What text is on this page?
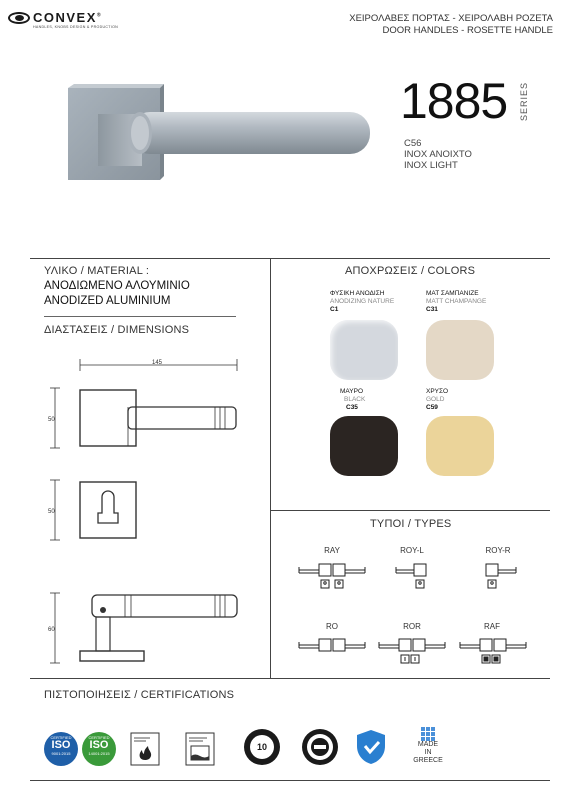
CONVEX®
HANDLES, KNOBS DESIGN & PRODUCTION
ΧΕΙΡΟΛΑΒΕΣ ΠΟΡΤΑΣ - ΧΕΙΡΟΛΑΒΗ ΡΟΖΕΤΑ
DOOR HANDLES - ROSETTE HANDLE
1885 SERIES
C56
INOX ANOIXTO
INOX LIGHT
ΥΛΙΚΟ / MATERIAL :
ΑΝΟΔΙΩΜΕΝΟ ΑΛΟΥΜΙΝΙΟ
ANODIZED ALUMINIUM
ΔΙΑΣΤΑΣΕΙΣ / DIMENSIONS
145
50
50
60
ΑΠΟΧΡΩΣΕΙΣ / COLORS
ΦΥΣΙΚΗ ΑΝΟΔΙΣΗ
ANODIZING NATURE
C1
ΜΑΤ ΣΑΜΠΑΝΙΖΕ
MATT CHAMPANGE
C31
ΜΑΥΡΟ
BLACK
C35
ΧΡΥΣΟ
GOLD
C59
ΤΥΠΟΙ / TYPES
RAY	ROY-L	ROY-R
RO	ROR	RAF
ΠΙΣΤΟΠΟΙΗΣΕΙΣ / CERTIFICATIONS
CERTIFIED
ISO
9001:2015
CERTIFIED
ISO
14001:2015
10	MADE
IN
GREECE
